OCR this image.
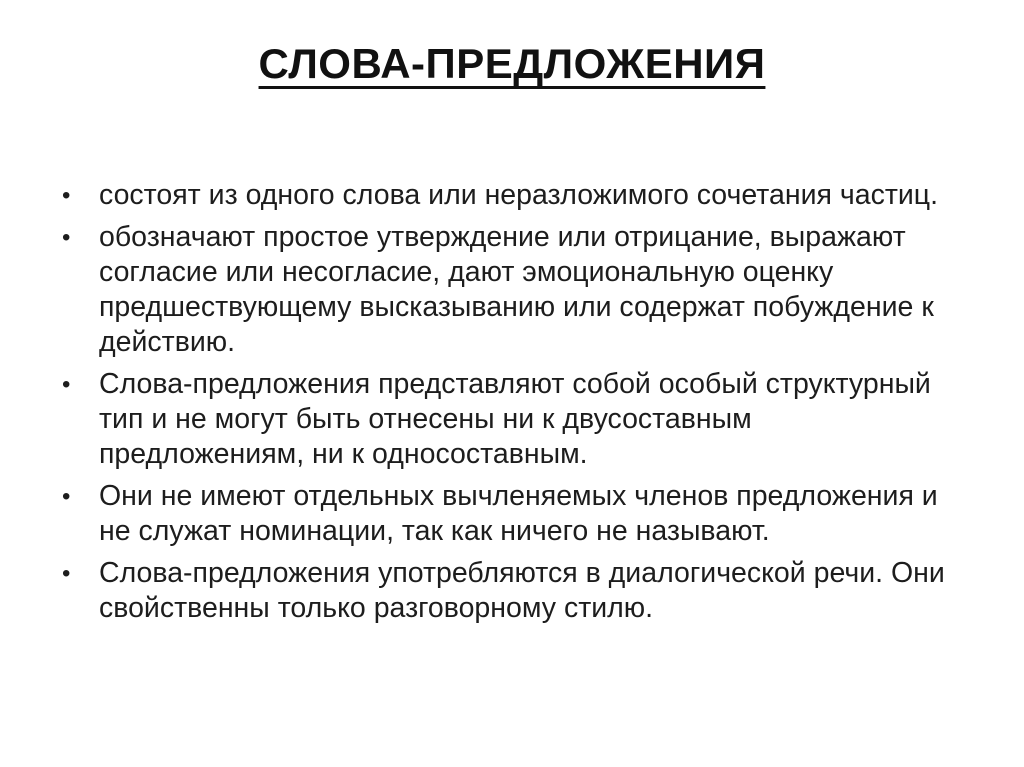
СЛОВА-ПРЕДЛОЖЕНИЯ
•	состоят из одного слова или неразложимого сочетания частиц.
•	обозначают простое утверждение или отрицание, выражают согласие или несогласие, дают эмоциональную оценку предшествующему высказыванию или содержат побуждение к действию.
•	Слова-предложения представляют собой особый структурный тип и не могут быть отнесены ни к двусоставным предложениям, ни к односоставным.
•	Они не имеют отдельных вычленяемых членов предложения и не служат номинации, так как ничего не называют.
•	Слова-предложения употребляются в диалогической речи. Они свойственны только разговорному стилю.
